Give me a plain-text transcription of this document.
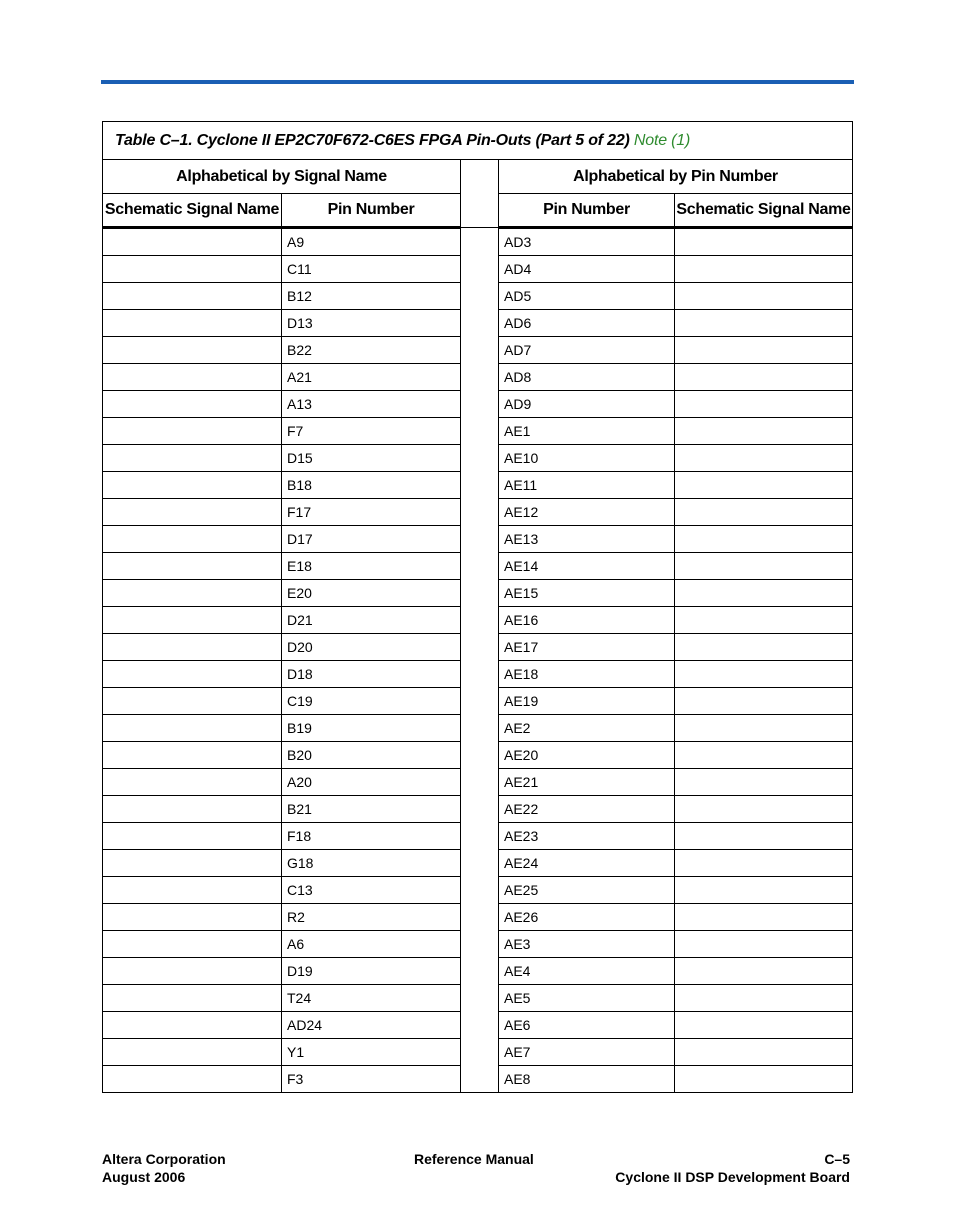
Table C–1. Cyclone II EP2C70F672-C6ES FPGA Pin-Outs (Part 5 of 22) Note (1)				
Alphabetical by Signal Name			Alphabetical by Pin Number	
Schematic Signal Name	Pin Number		Pin Number	Schematic Signal Name
	A9		AD3	
	C11		AD4	
	B12		AD5	
	D13		AD6	
	B22		AD7	
	A21		AD8	
	A13		AD9	
	F7		AE1	
	D15		AE10	
	B18		AE11	
	F17		AE12	
	D17		AE13	
	E18		AE14	
	E20		AE15	
	D21		AE16	
	D20		AE17	
	D18		AE18	
	C19		AE19	
	B19		AE2	
	B20		AE20	
	A20		AE21	
	B21		AE22	
	F18		AE23	
	G18		AE24	
	C13		AE25	
	R2		AE26	
	A6		AE3	
	D19		AE4	
	T24		AE5	
	AD24		AE6	
	Y1		AE7	
	F3		AE8	
Altera Corporation
August 2006
Reference Manual	C–5
Cyclone II DSP Development Board
